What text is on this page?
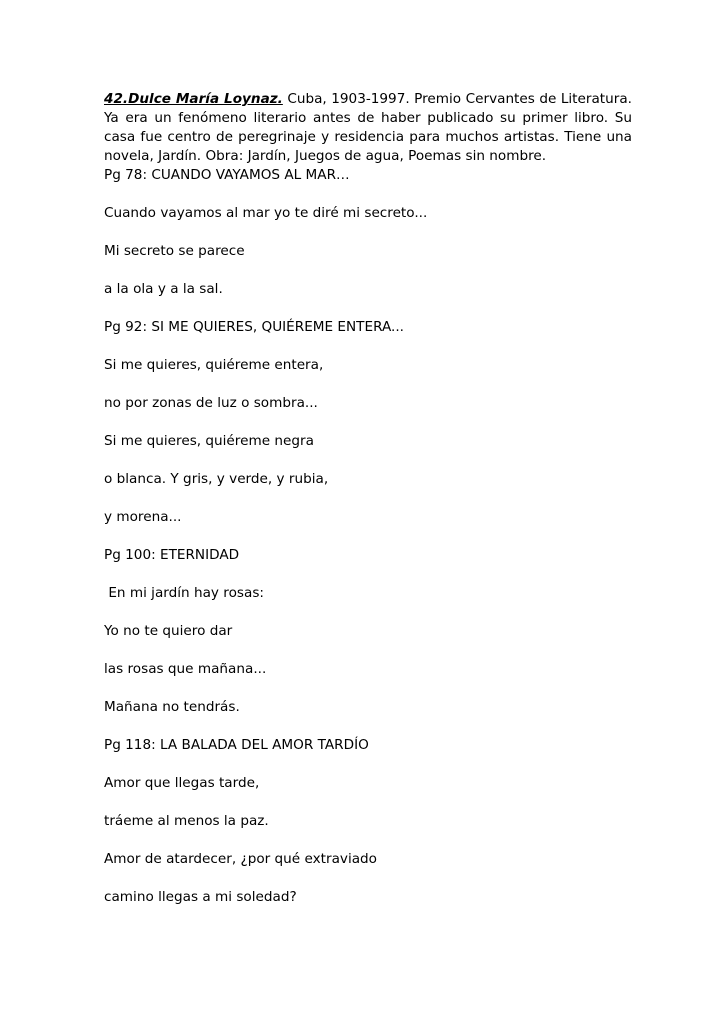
42.Dulce María Loynaz. Cuba, 1903-1997. Premio Cervantes de Literatura. Ya era un fenómeno literario antes de haber publicado su primer libro. Su casa fue centro de peregrinaje y residencia para muchos artistas. Tiene una novela, Jardín. Obra: Jardín, Juegos de agua, Poemas sin nombre.
Pg 78: CUANDO VAYAMOS AL MAR…

Cuando vayamos al mar yo te diré mi secreto...

Mi secreto se parece

a la ola y a la sal.

Pg 92: SI ME QUIERES, QUIÉREME ENTERA...

Si me quieres, quiéreme entera,

no por zonas de luz o sombra...

Si me quieres, quiéreme negra

o blanca. Y gris, y verde, y rubia,

y morena...

Pg 100: ETERNIDAD

En mi jardín hay rosas:

Yo no te quiero dar

las rosas que mañana...

Mañana no tendrás.

Pg 118: LA BALADA DEL AMOR TARDÍO

Amor que llegas tarde,

tráeme al menos la paz.

Amor de atardecer, ¿por qué extraviado

camino llegas a mi soledad?
